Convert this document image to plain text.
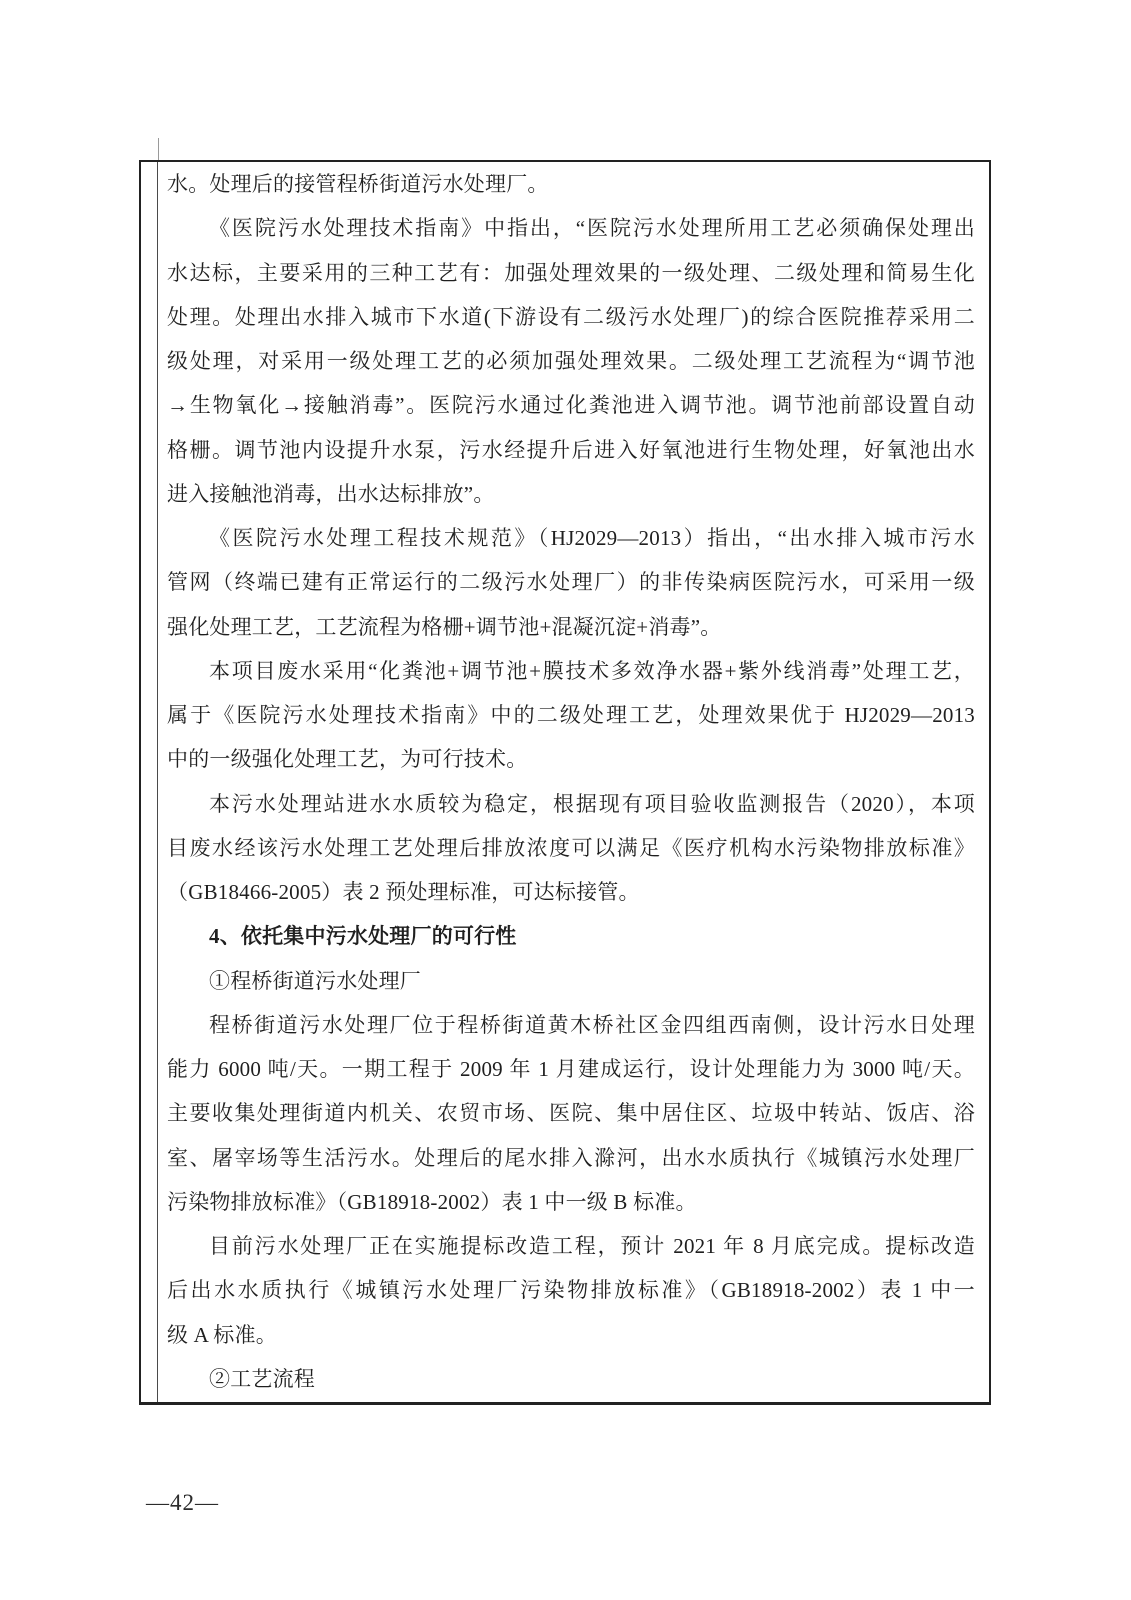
水。处理后的接管程桥街道污水处理厂。
《医院污水处理技术指南》中指出，“医院污水处理所用工艺必须确保处理出
水达标，主要采用的三种工艺有：加强处理效果的一级处理、二级处理和简易生化
处理。处理出水排入城市下水道(下游设有二级污水处理厂)的综合医院推荐采用二
级处理，对采用一级处理工艺的必须加强处理效果。二级处理工艺流程为“调节池
→生物氧化→接触消毒”。医院污水通过化粪池进入调节池。调节池前部设置自动
格栅。调节池内设提升水泵，污水经提升后进入好氧池进行生物处理，好氧池出水
进入接触池消毒，出水达标排放”。
《医院污水处理工程技术规范》（HJ2029—2013）指出，“出水排入城市污水
管网（终端已建有正常运行的二级污水处理厂）的非传染病医院污水，可采用一级
强化处理工艺，工艺流程为格栅+调节池+混凝沉淀+消毒”。
本项目废水采用“化粪池+调节池+膜技术多效净水器+紫外线消毒”处理工艺，
属于《医院污水处理技术指南》中的二级处理工艺，处理效果优于 HJ2029—2013
中的一级强化处理工艺，为可行技术。
本污水处理站进水水质较为稳定，根据现有项目验收监测报告（2020），本项
目废水经该污水处理工艺处理后排放浓度可以满足《医疗机构水污染物排放标准》
（GB18466-2005）表 2 预处理标准，可达标接管。
4、依托集中污水处理厂的可行性
①程桥街道污水处理厂
程桥街道污水处理厂位于程桥街道黄木桥社区金四组西南侧，设计污水日处理
能力 6000 吨/天。一期工程于 2009 年 1 月建成运行，设计处理能力为 3000 吨/天。
主要收集处理街道内机关、农贸市场、医院、集中居住区、垃圾中转站、饭店、浴
室、屠宰场等生活污水。处理后的尾水排入滁河，出水水质执行《城镇污水处理厂
污染物排放标准》（GB18918-2002）表 1 中一级 B 标准。
目前污水处理厂正在实施提标改造工程，预计 2021 年 8 月底完成。提标改造
后出水水质执行《城镇污水处理厂污染物排放标准》（GB18918-2002）表 1 中一
级 A 标准。
②工艺流程
—42—
